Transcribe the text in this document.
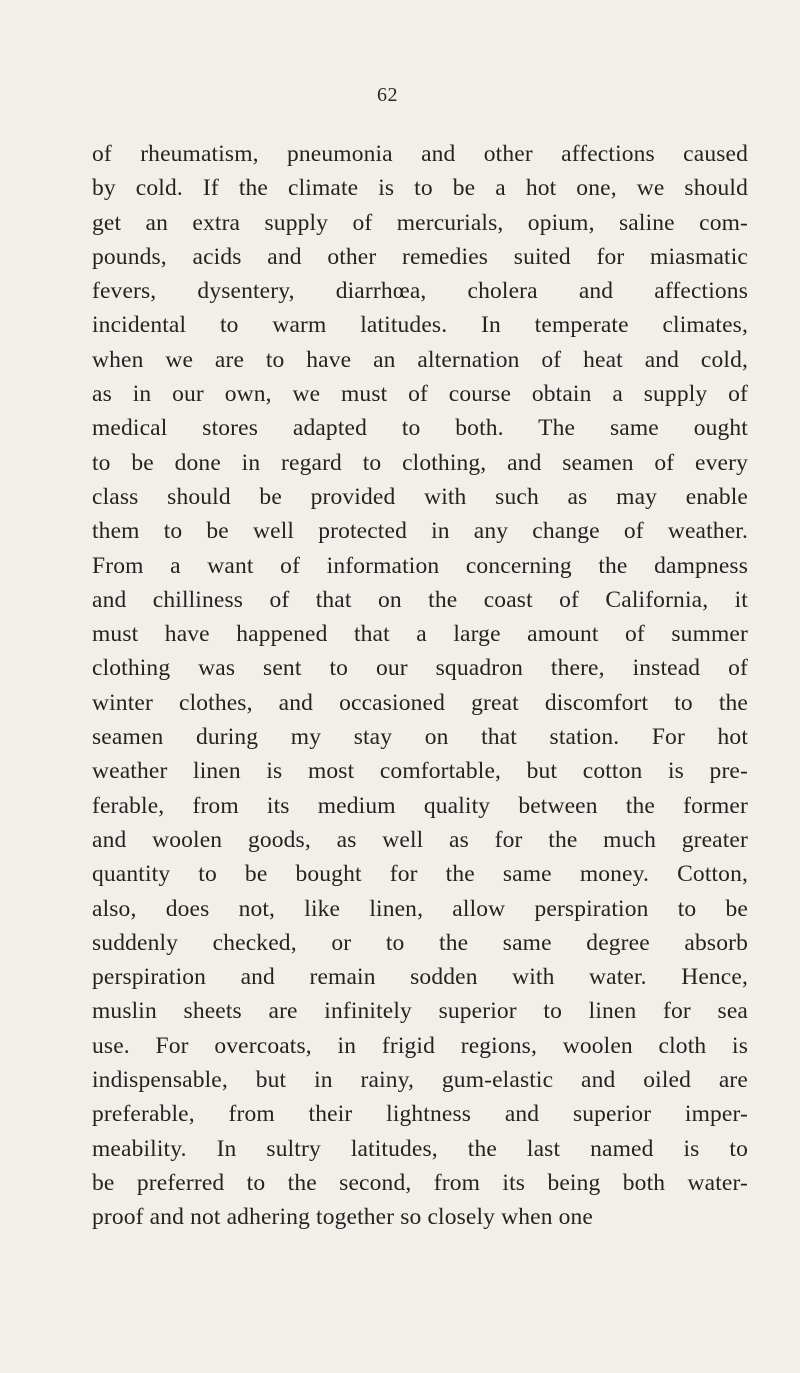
62
of rheumatism, pneumonia and other affections caused
by cold. If the climate is to be a hot one, we should
get an extra supply of mercurials, opium, saline com-
pounds, acids and other remedies suited for miasmatic
fevers, dysentery, diarrhœa, cholera and affections
incidental to warm latitudes. In temperate climates,
when we are to have an alternation of heat and cold,
as in our own, we must of course obtain a supply of
medical stores adapted to both. The same ought
to be done in regard to clothing, and seamen of every
class should be provided with such as may enable
them to be well protected in any change of weather.
From a want of information concerning the dampness
and chilliness of that on the coast of California, it
must have happened that a large amount of summer
clothing was sent to our squadron there, instead of
winter clothes, and occasioned great discomfort to the
seamen during my stay on that station. For hot
weather linen is most comfortable, but cotton is pre-
ferable, from its medium quality between the former
and woolen goods, as well as for the much greater
quantity to be bought for the same money. Cotton,
also, does not, like linen, allow perspiration to be
suddenly checked, or to the same degree absorb
perspiration and remain sodden with water. Hence,
muslin sheets are infinitely superior to linen for sea
use. For overcoats, in frigid regions, woolen cloth is
indispensable, but in rainy, gum-elastic and oiled are
preferable, from their lightness and superior imper-
meability. In sultry latitudes, the last named is to
be preferred to the second, from its being both water-
proof and not adhering together so closely when one
